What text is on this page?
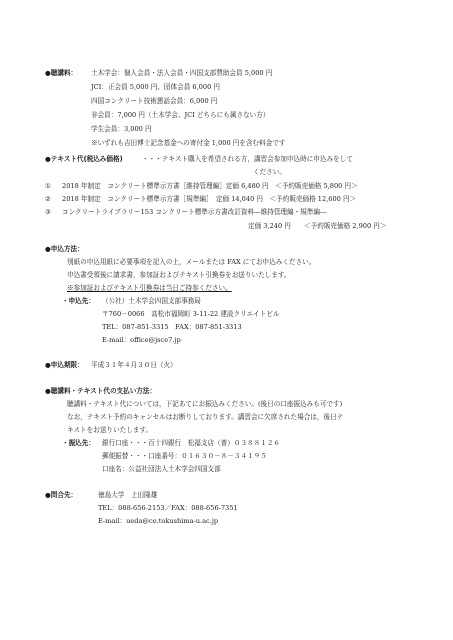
●聴講料： 土木学会：個人会員・法人会員・四国支部賛助会員 5,000 円
JCI：正会員 5,000 円、団体会員 6,000 円
四国コンクリート技術懇話会員：6,000 円
非会員：7,000 円（土木学会、JCI どちらにも属さない方）
学生会員：3,000 円
※いずれも吉田博士記念基金への寄付金 1,000 円を含む料金です
●テキスト代(税込み価格)	・・・テキスト購入を希望される方，講習会参加申込時に申込みをして
ください。
① 2018 年制定　コンクリート標準示方書［維持管理編］定価 6,480 円　＜予約販売価格 5,800 円＞
② 2018 年制定　コンクリート標準示方書［規準編］　定価 14,040 円　＜予約販売価格 12,600 円＞
③ コンクリートライブラリー153 コンクリート標準示方書改訂資料―維持管理編・規準編―
定価 3,240 円　　＜予約販売価格 2,900 円＞
●申込方法：
別紙の申込用紙に必要事項を記入の上，メールまたは FAX にてお申込みください。
申込書受領後に請求書，参加証およびテキスト引換券をお送りいたします。
※参加証およびテキスト引換券は当日ご持参ください。
・申込先： （公社）土木学会四国支部事務局
〒760－0066　高松市福岡町 3-11-22 建設クリエイトビル
TEL：087-851-3315　FAX：087-851-3313
E-mail：office@jsce7.jp
●申込期限： 平成３１年４月３０日（火）
●聴講料・テキスト代の支払い方法：
聴講料・テキスト代については，下記あてにお振込みください。(後日の口座振込みも可です)
なお，テキスト予約のキャンセルはお断りしております。講習会に欠席された場合は，後日テ
キストをお送りいたします。
・振込先： 銀行口座・・・百十四銀行　松福支店（普）０３８８１２６
郵便振替・・・口座番号：０１６３０－８－３４１９５
口座名：公益社団法人土木学会四国支部
●問合先：	徳島大学　上田隆雄
TEL：088-656-2153／FAX：088-656-7351
E-mail：ueda@ce.tokushima-u.ac.jp
